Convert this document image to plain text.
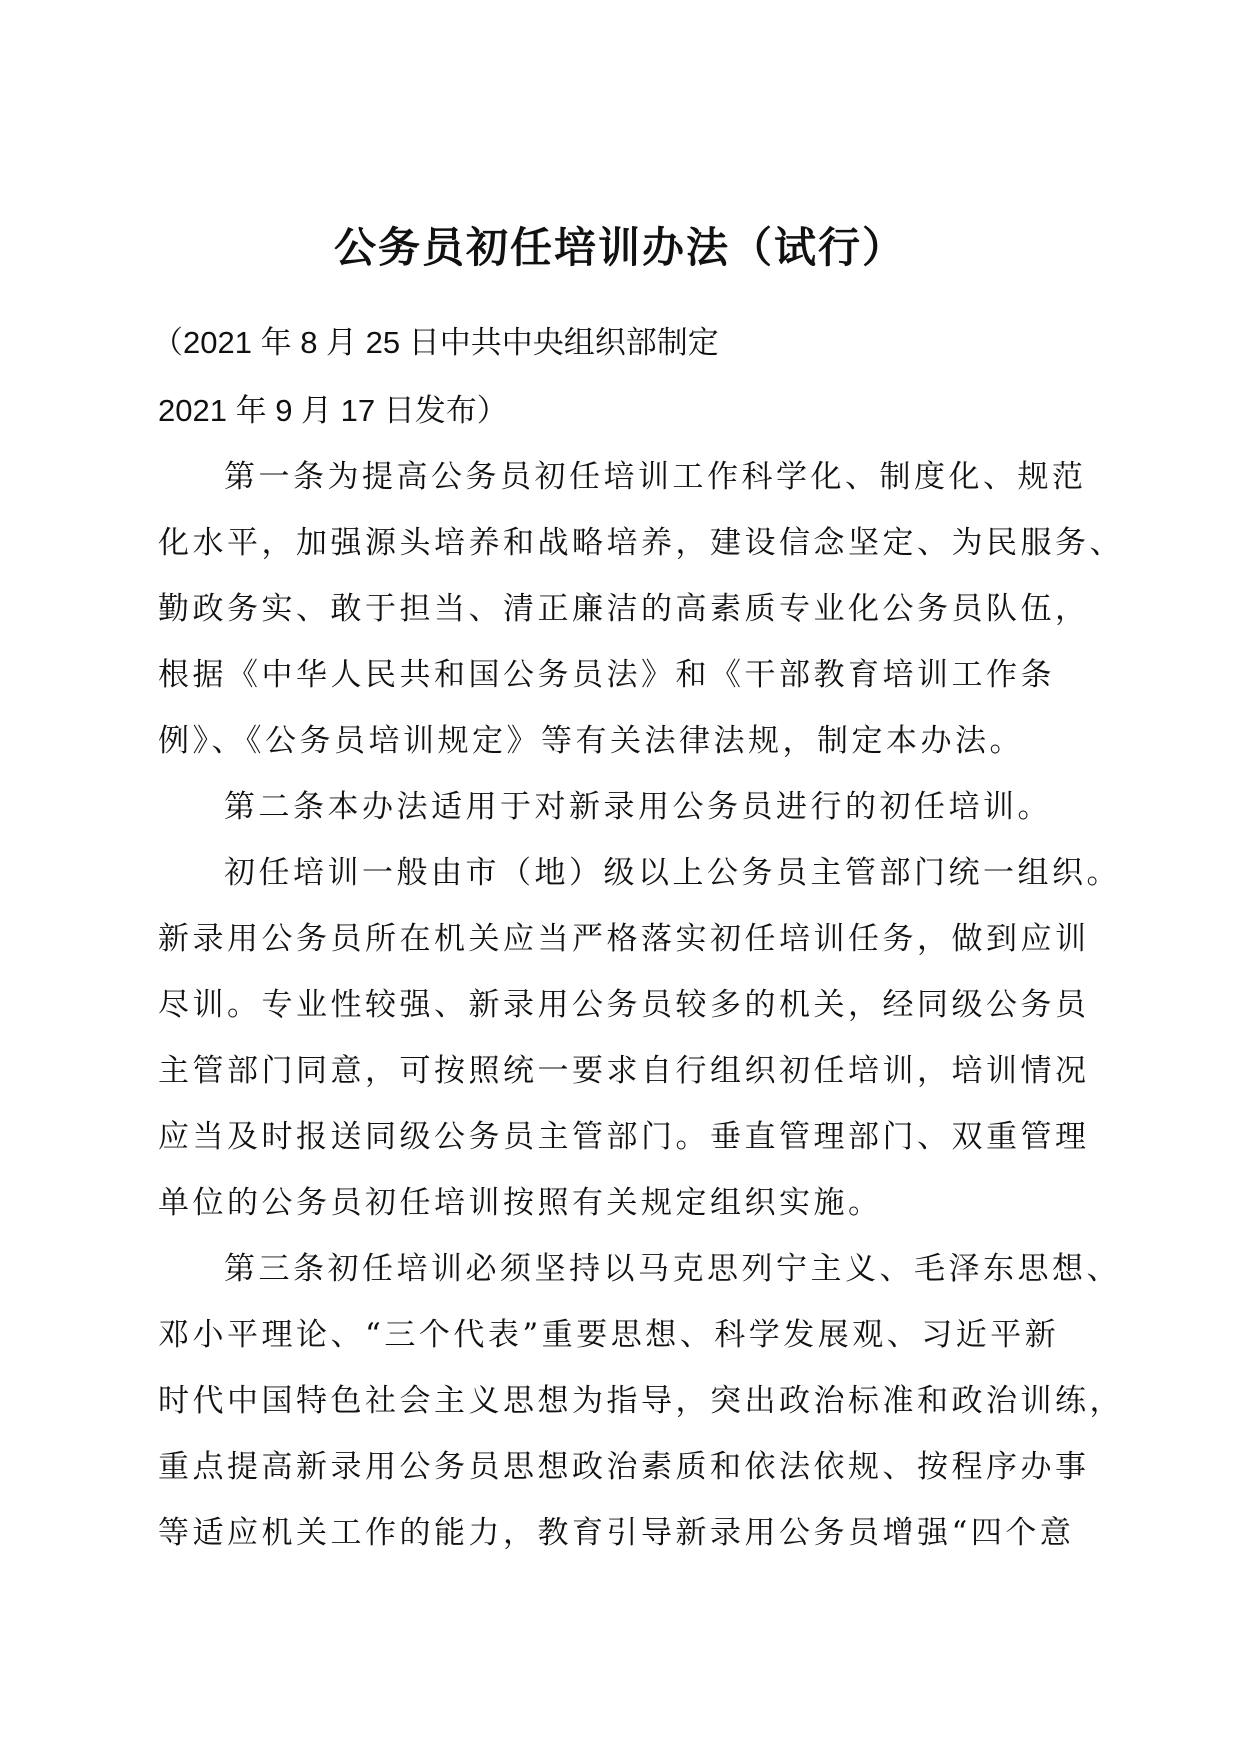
公务员初任培训办法（试行）

（2021 年 8 月 25 日中共中央组织部制定

2021 年 9 月 17 日发布）

第一条为提高公务员初任培训工作科学化、制度化、规范

化水平，加强源头培养和战略培养，建设信念坚定、为民服务、

勤政务实、敢于担当、清正廉洁的高素质专业化公务员队伍，

根据《中华人民共和国公务员法》和《干部教育培训工作条

例》、《公务员培训规定》等有关法律法规，制定本办法。

第二条本办法适用于对新录用公务员进行的初任培训。

初任培训一般由市（地）级以上公务员主管部门统一组织。

新录用公务员所在机关应当严格落实初任培训任务，做到应训

尽训。专业性较强、新录用公务员较多的机关，经同级公务员

主管部门同意，可按照统一要求自行组织初任培训，培训情况

应当及时报送同级公务员主管部门。垂直管理部门、双重管理

单位的公务员初任培训按照有关规定组织实施。

第三条初任培训必须坚持以马克思列宁主义、毛泽东思想、

邓小平理论、“三个代表”重要思想、科学发展观、习近平新

时代中国特色社会主义思想为指导，突出政治标准和政治训练，

重点提高新录用公务员思想政治素质和依法依规、按程序办事

等适应机关工作的能力，教育引导新录用公务员增强“四个意
